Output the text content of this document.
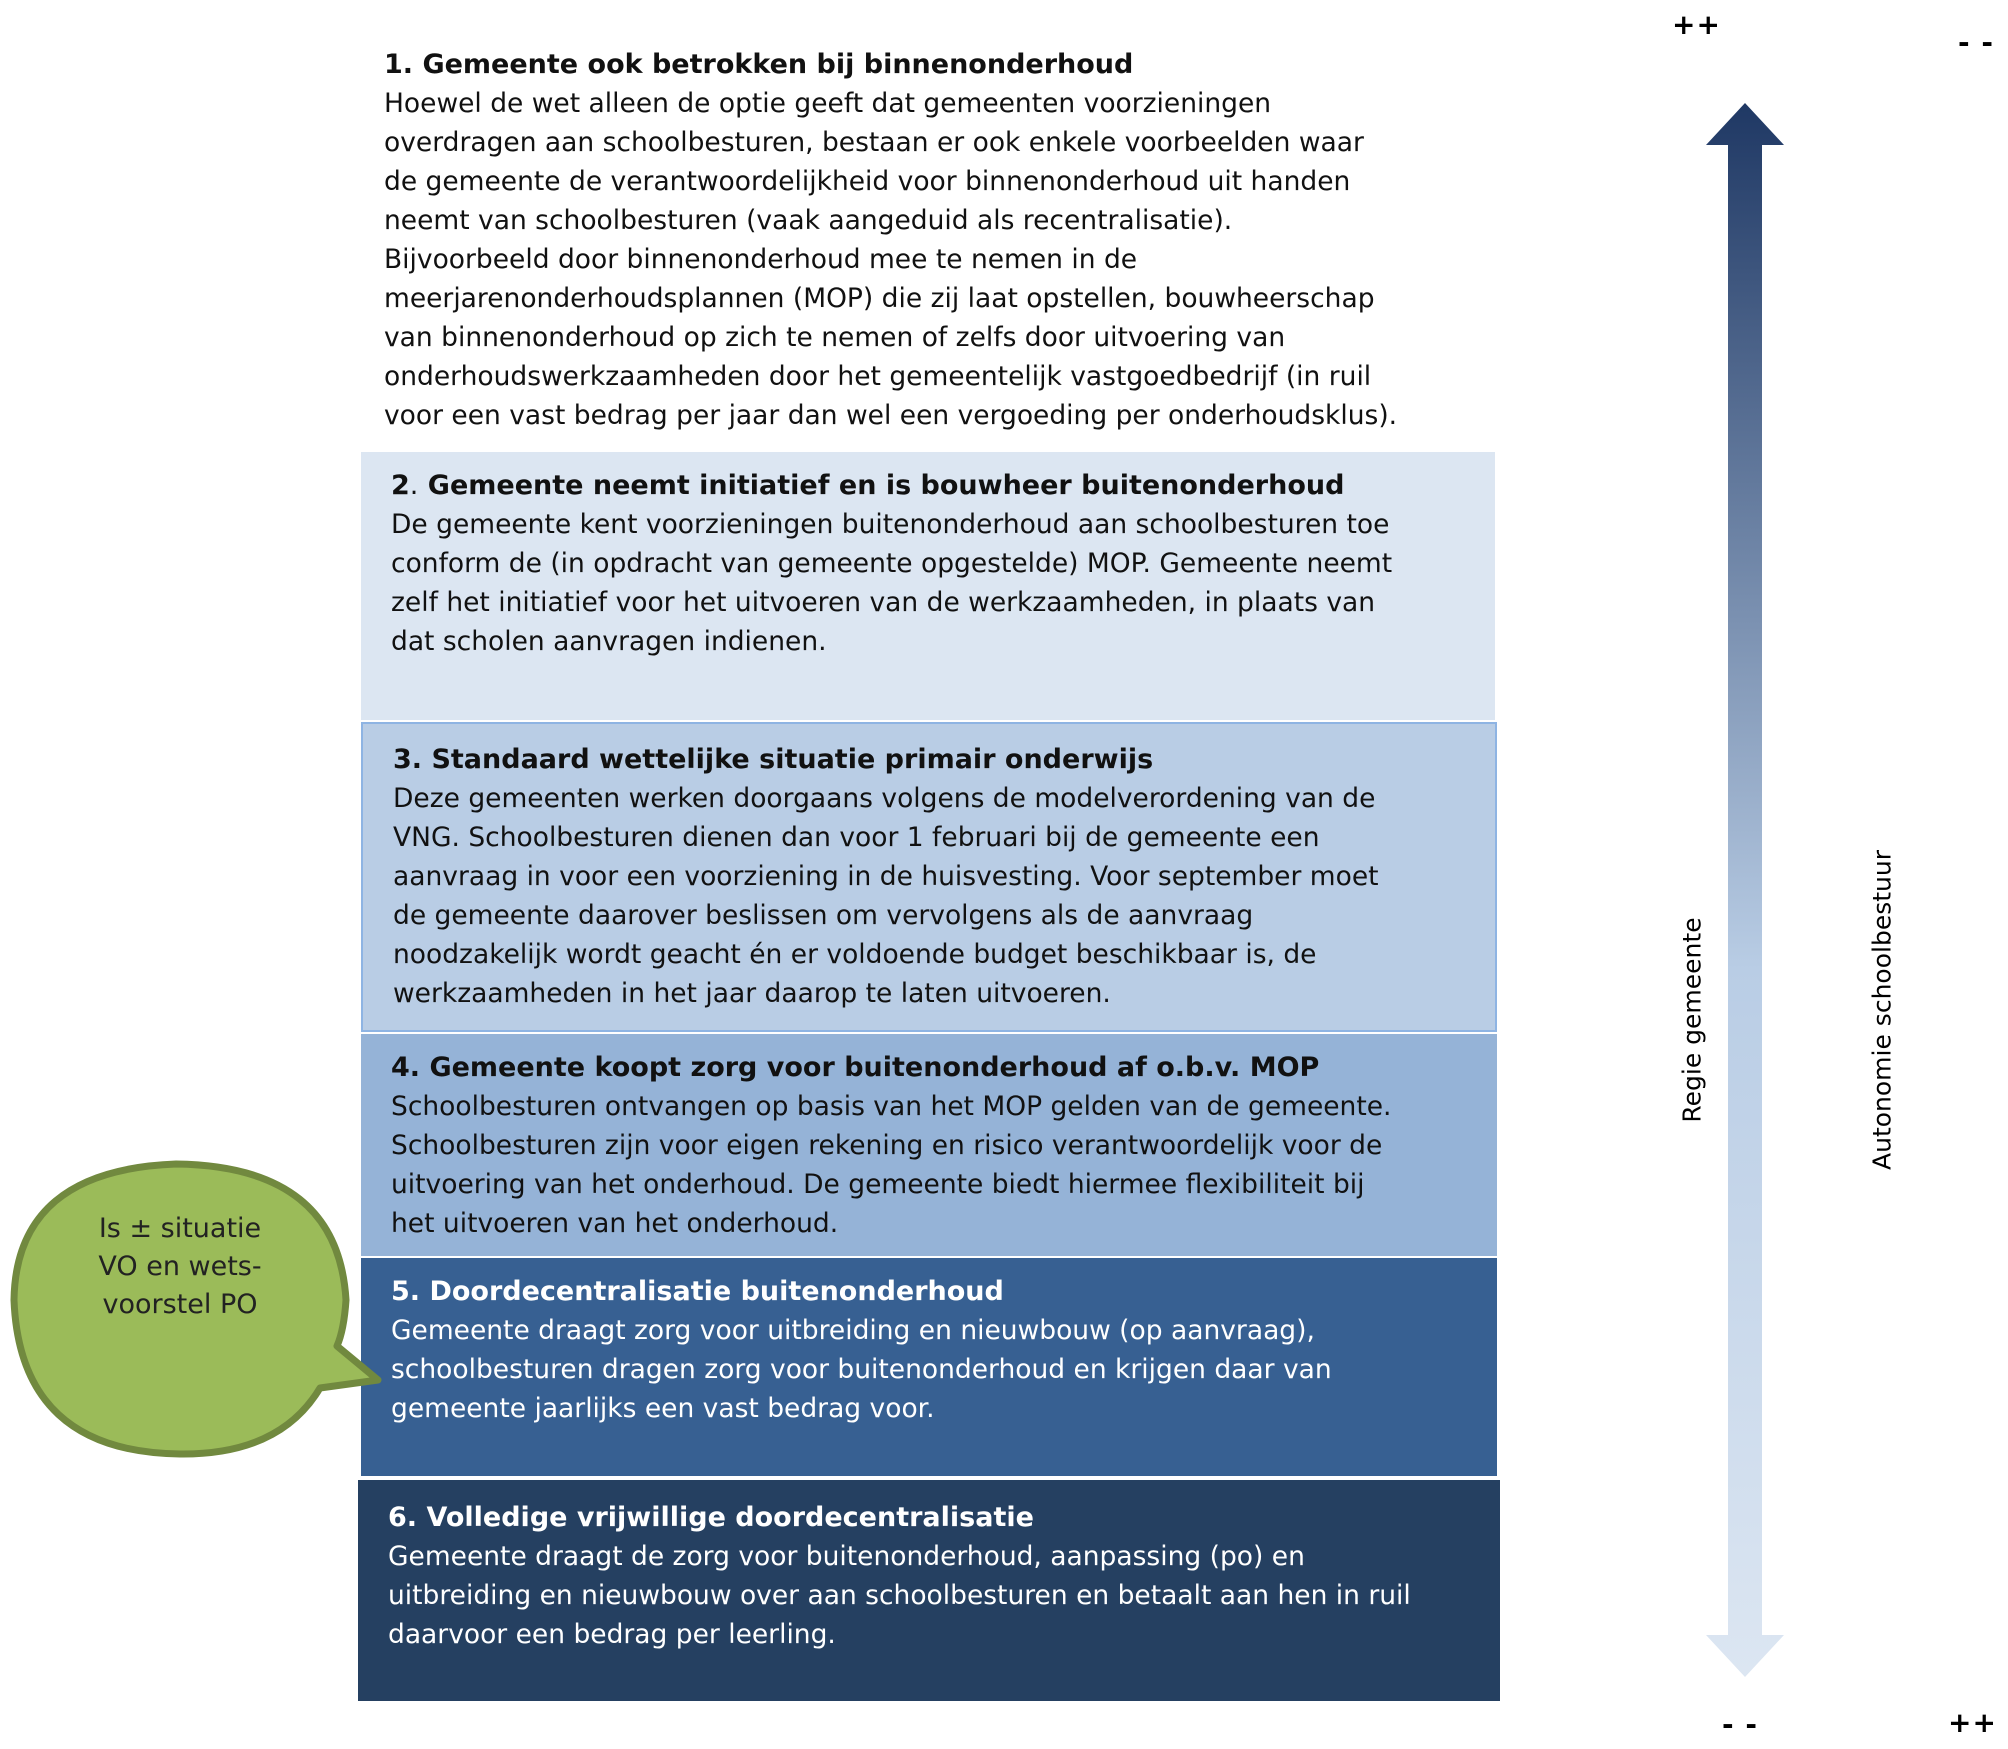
1. Gemeente ook betrokken bij binnenonderhoud

Hoewel de wet alleen de optie geeft dat gemeenten voorzieningen
overdragen aan schoolbesturen, bestaan er ook enkele voorbeelden waar
de gemeente de verantwoordelijkheid voor binnenonderhoud uit handen
neemt van schoolbesturen (vaak aangeduid als recentralisatie).
Bijvoorbeeld door binnenonderhoud mee te nemen in de
meerjarenonderhoudsplannen (MOP) die zij laat opstellen, bouwheerschap
van binnenonderhoud op zich te nemen of zelfs door uitvoering van
onderhoudswerkzaamheden door het gemeentelijk vastgoedbedrijf (in ruil
voor een vast bedrag per jaar dan wel een vergoeding per onderhoudsklus).

2. Gemeente neemt initiatief en is bouwheer buitenonderhoud

De gemeente kent voorzieningen buitenonderhoud aan schoolbesturen toe
conform de (in opdracht van gemeente opgestelde) MOP. Gemeente neemt
zelf het initiatief voor het uitvoeren van de werkzaamheden, in plaats van
dat scholen aanvragen indienen.

3. Standaard wettelijke situatie primair onderwijs

Deze gemeenten werken doorgaans volgens de modelverordening van de
VNG. Schoolbesturen dienen dan voor 1 februari bij de gemeente een
aanvraag in voor een voorziening in de huisvesting. Voor september moet
de gemeente daarover beslissen om vervolgens als de aanvraag
noodzakelijk wordt geacht én er voldoende budget beschikbaar is, de
werkzaamheden in het jaar daarop te laten uitvoeren.

4. Gemeente koopt zorg voor buitenonderhoud af o.b.v. MOP

Schoolbesturen ontvangen op basis van het MOP gelden van de gemeente.
Schoolbesturen zijn voor eigen rekening en risico verantwoordelijk voor de
uitvoering van het onderhoud. De gemeente biedt hiermee flexibiliteit bij
het uitvoeren van het onderhoud.

5. Doordecentralisatie buitenonderhoud

Gemeente draagt zorg voor uitbreiding en nieuwbouw (op aanvraag),
schoolbesturen dragen zorg voor buitenonderhoud en krijgen daar van
gemeente jaarlijks een vast bedrag voor.

6. Volledige vrijwillige doordecentralisatie

Gemeente draagt de zorg voor buitenonderhoud, aanpassing (po) en
uitbreiding en nieuwbouw over aan schoolbesturen en betaalt aan hen in ruil
daarvoor een bedrag per leerling.

++
- -
- -	++
Regie gemeente	Autonomie schoolbestuur
Is ± situatie
VO en wets-
voorstel PO
